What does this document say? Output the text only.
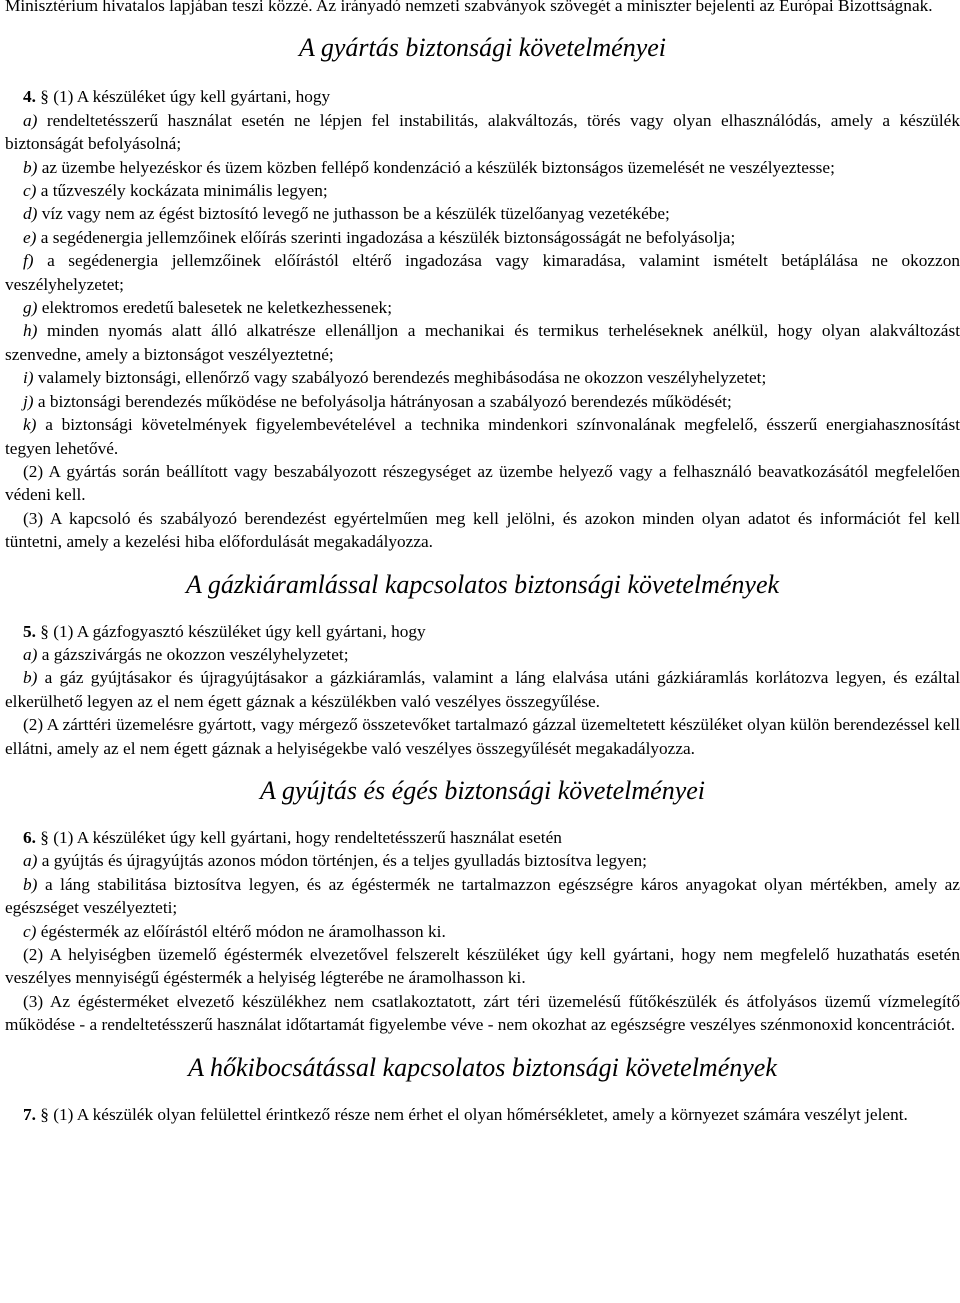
Minisztérium hivatalos lapjában teszi közzé. Az irányadó nemzeti szabványok szövegét a miniszter bejelenti az Európai Bizottságnak.

A gyártás biztonsági követelményei

4. § (1) A készüléket úgy kell gyártani, hogy

a) rendeltetésszerű használat esetén ne lépjen fel instabilitás, alakváltozás, törés vagy olyan elhasználódás, amely a készülék biztonságát befolyásolná;

b) az üzembe helyezéskor és üzem közben fellépő kondenzáció a készülék biztonságos üzemelését ne veszélyeztesse;

c) a tűzveszély kockázata minimális legyen;

d) víz vagy nem az égést biztosító levegő ne juthasson be a készülék tüzelőanyag vezetékébe;

e) a segédenergia jellemzőinek előírás szerinti ingadozása a készülék biztonságosságát ne befolyásolja;

f) a segédenergia jellemzőinek előírástól eltérő ingadozása vagy kimaradása, valamint ismételt betáplálása ne okozzon veszélyhelyzetet;

g) elektromos eredetű balesetek ne keletkezhessenek;

h) minden nyomás alatt álló alkatrésze ellenálljon a mechanikai és termikus terheléseknek anélkül, hogy olyan alakváltozást szenvedne, amely a biztonságot veszélyeztetné;

i) valamely biztonsági, ellenőrző vagy szabályozó berendezés meghibásodása ne okozzon veszélyhelyzetet;

j) a biztonsági berendezés működése ne befolyásolja hátrányosan a szabályozó berendezés működését;

k) a biztonsági követelmények figyelembevételével a technika mindenkori színvonalának megfelelő, ésszerű energiahasznosítást tegyen lehetővé.

(2) A gyártás során beállított vagy beszabályozott részegységet az üzembe helyező vagy a felhasználó beavatkozásától megfelelően védeni kell.

(3) A kapcsoló és szabályozó berendezést egyértelműen meg kell jelölni, és azokon minden olyan adatot és információt fel kell tüntetni, amely a kezelési hiba előfordulását megakadályozza.

A gázkiáramlással kapcsolatos biztonsági követelmények

5. § (1) A gázfogyasztó készüléket úgy kell gyártani, hogy

a) a gázszivárgás ne okozzon veszélyhelyzetet;

b) a gáz gyújtásakor és újragyújtásakor a gázkiáramlás, valamint a láng elalvása utáni gázkiáramlás korlátozva legyen, és ezáltal elkerülhető legyen az el nem égett gáznak a készülékben való veszélyes összegyűlése.

(2) A zárttéri üzemelésre gyártott, vagy mérgező összetevőket tartalmazó gázzal üzemeltetett készüléket olyan külön berendezéssel kell ellátni, amely az el nem égett gáznak a helyiségekbe való veszélyes összegyűlését megakadályozza.

A gyújtás és égés biztonsági követelményei

6. § (1) A készüléket úgy kell gyártani, hogy rendeltetésszerű használat esetén

a) a gyújtás és újragyújtás azonos módon történjen, és a teljes gyulladás biztosítva legyen;

b) a láng stabilitása biztosítva legyen, és az égéstermék ne tartalmazzon egészségre káros anyagokat olyan mértékben, amely az egészséget veszélyezteti;

c) égéstermék az előírástól eltérő módon ne áramolhasson ki.

(2) A helyiségben üzemelő égéstermék elvezetővel felszerelt készüléket úgy kell gyártani, hogy nem megfelelő huzathatás esetén veszélyes mennyiségű égéstermék a helyiség légterébe ne áramolhasson ki.

(3) Az égésterméket elvezető készülékhez nem csatlakoztatott, zárt téri üzemelésű fűtőkészülék és átfolyásos üzemű vízmelegítő működése - a rendeltetésszerű használat időtartamát figyelembe véve - nem okozhat az egészségre veszélyes szénmonoxid koncentrációt.

A hőkibocsátással kapcsolatos biztonsági követelmények

7. § (1) A készülék olyan felülettel érintkező része nem érhet el olyan hőmérsékletet, amely a környezet számára veszélyt jelent.
